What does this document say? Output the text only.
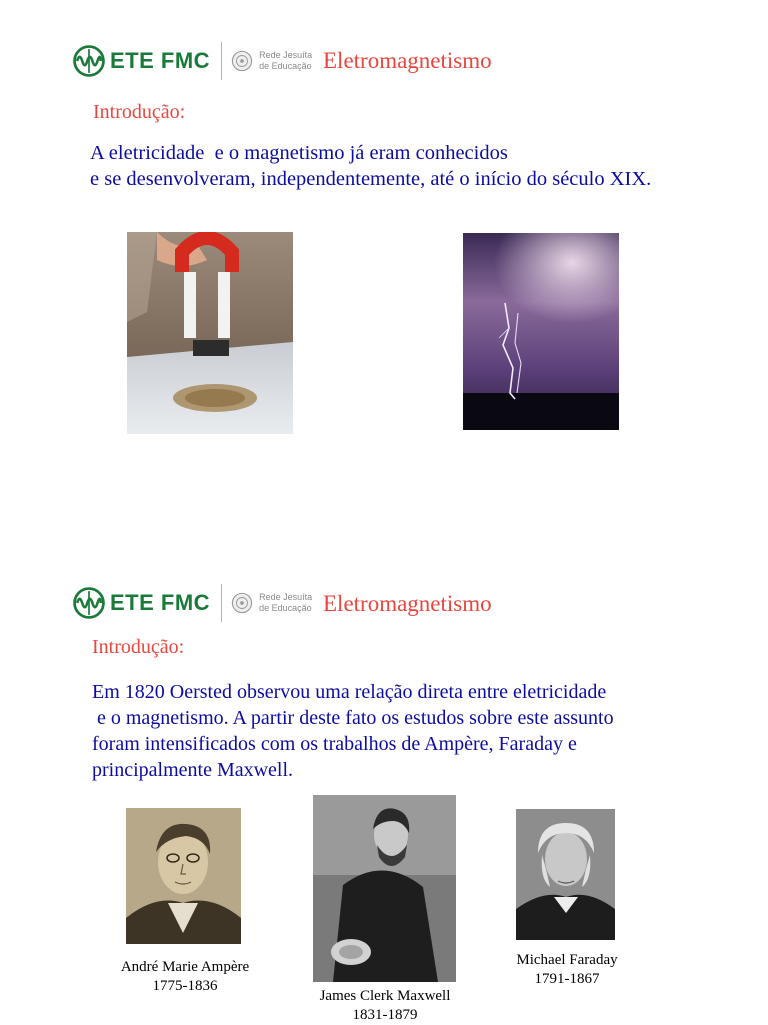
ETE FMC	Rede Jesuíta
de Educação Eletromagnetismo
Introdução:

A eletricidade  e o magnetismo já eram conhecidos
e se desenvolveram, independentemente, até o início do século XIX.

ETE FMC	Rede Jesuíta
de Educação Eletromagnetismo
Introdução:

Em 1820 Oersted observou uma relação direta entre eletricidade
e o magnetismo. A partir deste fato os estudos sobre este assunto
foram intensificados com os trabalhos de Ampère, Faraday e
principalmente Maxwell.

André Marie Ampère
1775-1836
James Clerk Maxwell
1831-1879
Michael Faraday
1791-1867
